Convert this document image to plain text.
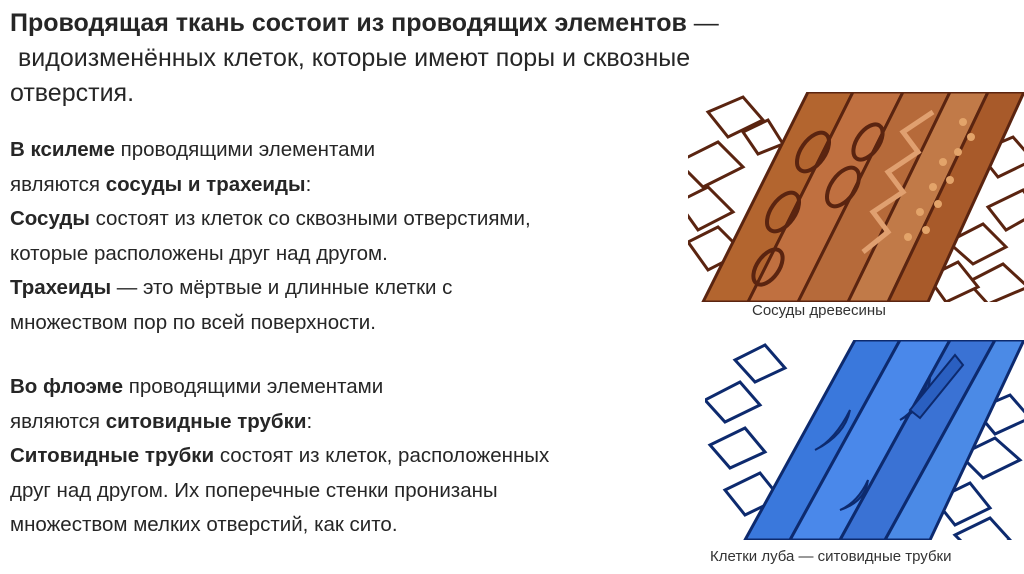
Проводящая ткань состоит из проводящих элементов —
видоизменённых клеток, которые имеют поры и сквозные
отверстия.
В ксилеме проводящими элементами
являются сосуды и трахеиды:
Сосуды состоят из клеток со сквозными отверстиями,
которые расположены друг над другом.
Трахеиды — это мёртвые и длинные клетки с
множеством пор по всей поверхности.
Во флоэме проводящими элементами
являются ситовидные трубки:
Ситовидные трубки состоят из клеток, расположенных
друг над другом. Их поперечные стенки пронизаны
множеством мелких отверстий, как сито.
Сосуды древесины
Клетки луба — ситовидные трубки
